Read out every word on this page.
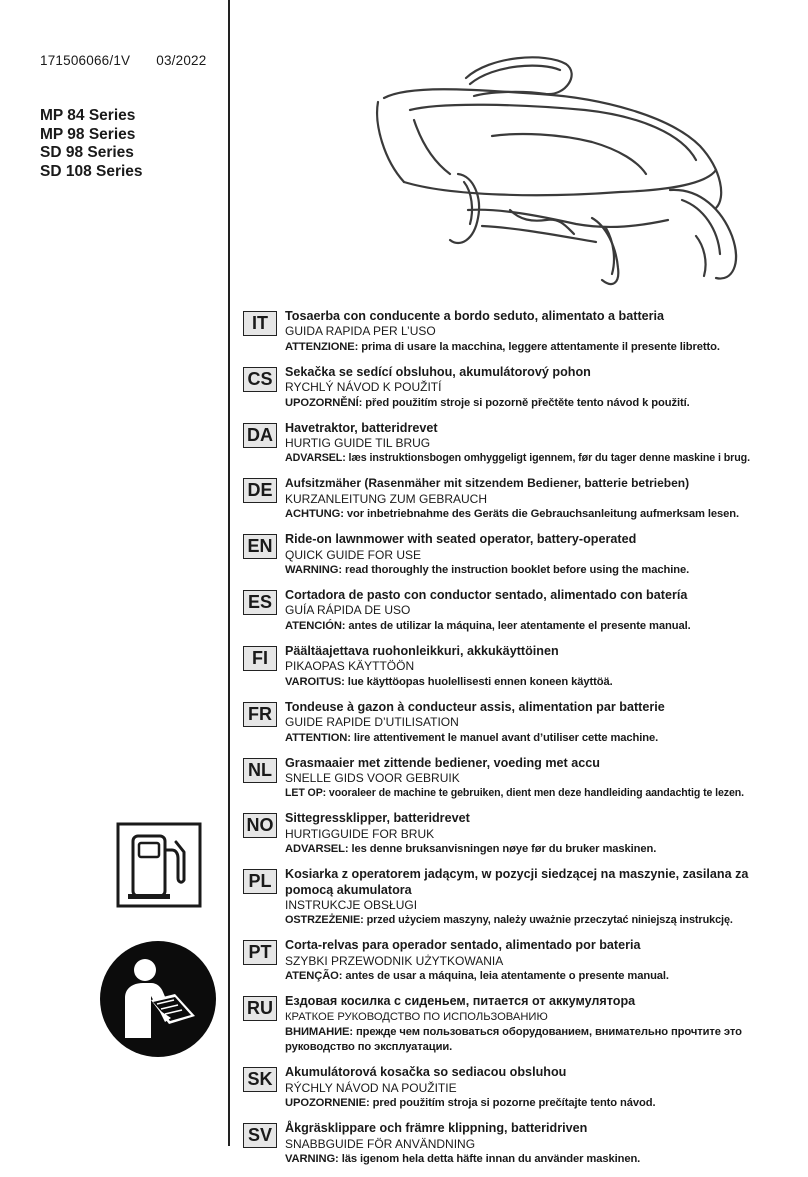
171506066/1V 03/2022
MP 84 Series
MP 98 Series
SD 98 Series
SD 108 Series
IT	Tosaerba con conducente a bordo seduto, alimentato a batteria
GUIDA RAPIDA PER L’USO
ATTENZIONE: prima di usare la macchina, leggere attentamente il presente libretto.
CS Sekačka se sedící obsluhou, akumulátorový pohon
RYCHLÝ NÁVOD K POUŽITÍ
UPOZORNĚNÍ: před použitím stroje si pozorně přečtěte tento návod k použití.
DA Havetraktor, batteridrevet
HURTIG GUIDE TIL BRUG
ADVARSEL: læs instruktionsbogen omhyggeligt igennem, før du tager denne maskine i brug.
DE	Aufsitzmäher (Rasenmäher mit sitzendem Bediener, batterie betrieben)
KURZANLEITUNG ZUM GEBRAUCH
ACHTUNG: vor inbetriebnahme des Geräts die Gebrauchsanleitung aufmerksam lesen.
EN Ride-on lawnmower with seated operator, battery-operated
QUICK GUIDE FOR USE
WARNING: read thoroughly the instruction booklet before using the machine.
ES	Cortadora de pasto con conductor sentado, alimentado con batería
GUÍA RÁPIDA DE USO
ATENCIÓN: antes de utilizar la máquina, leer atentamente el presente manual.
FI	Päältäajettava ruohonleikkuri, akkukäyttöinen
PIKAOPAS KÄYTTÖÖN
VAROITUS: lue käyttöopas huolellisesti ennen koneen käyttöä.
FR	Tondeuse à gazon à conducteur assis, alimentation par batterie
GUIDE RAPIDE D’UTILISATION
ATTENTION: lire attentivement le manuel avant d’utiliser cette machine.
NL	Grasmaaier met zittende bediener, voeding met accu
SNELLE GIDS VOOR GEBRUIK
LET OP: vooraleer de machine te gebruiken, dient men deze handleiding aandachtig te lezen.
NO Sittegressklipper, batteridrevet
HURTIGGUIDE FOR BRUK
ADVARSEL: les denne bruksanvisningen nøye før du bruker maskinen.
PL	Kosiarka z operatorem jadącym, w pozycji siedzącej na maszynie, zasilana za pomocą akumulatora
INSTRUKCJE OBSŁUGI
OSTRZEŻENIE: przed użyciem maszyny, należy uważnie przeczytać niniejszą instrukcję.
PT	Corta-relvas para operador sentado, alimentado por bateria
SZYBKI PRZEWODNIK UŻYTKOWANIA
ATENÇÃO: antes de usar a máquina, leia atentamente o presente manual.
RU Ездовая косилка с сиденьем, питается от аккумулятора
КРАТКОЕ РУКОВОДСТВО ПО ИСПОЛЬЗОВАНИЮ
ВНИМАНИЕ: прежде чем пользоваться оборудованием, внимательно прочтите это руководство по эксплуатации.
SK Akumulátorová kosačka so sediacou obsluhou
RÝCHLY NÁVOD NA POUŽITIE
UPOZORNENIE: pred použitím stroja si pozorne prečítajte tento návod.
SV	Åkgräsklippare och främre klippning, batteridriven
SNABBGUIDE FÖR ANVÄNDNING
VARNING: läs igenom hela detta häfte innan du använder maskinen.
